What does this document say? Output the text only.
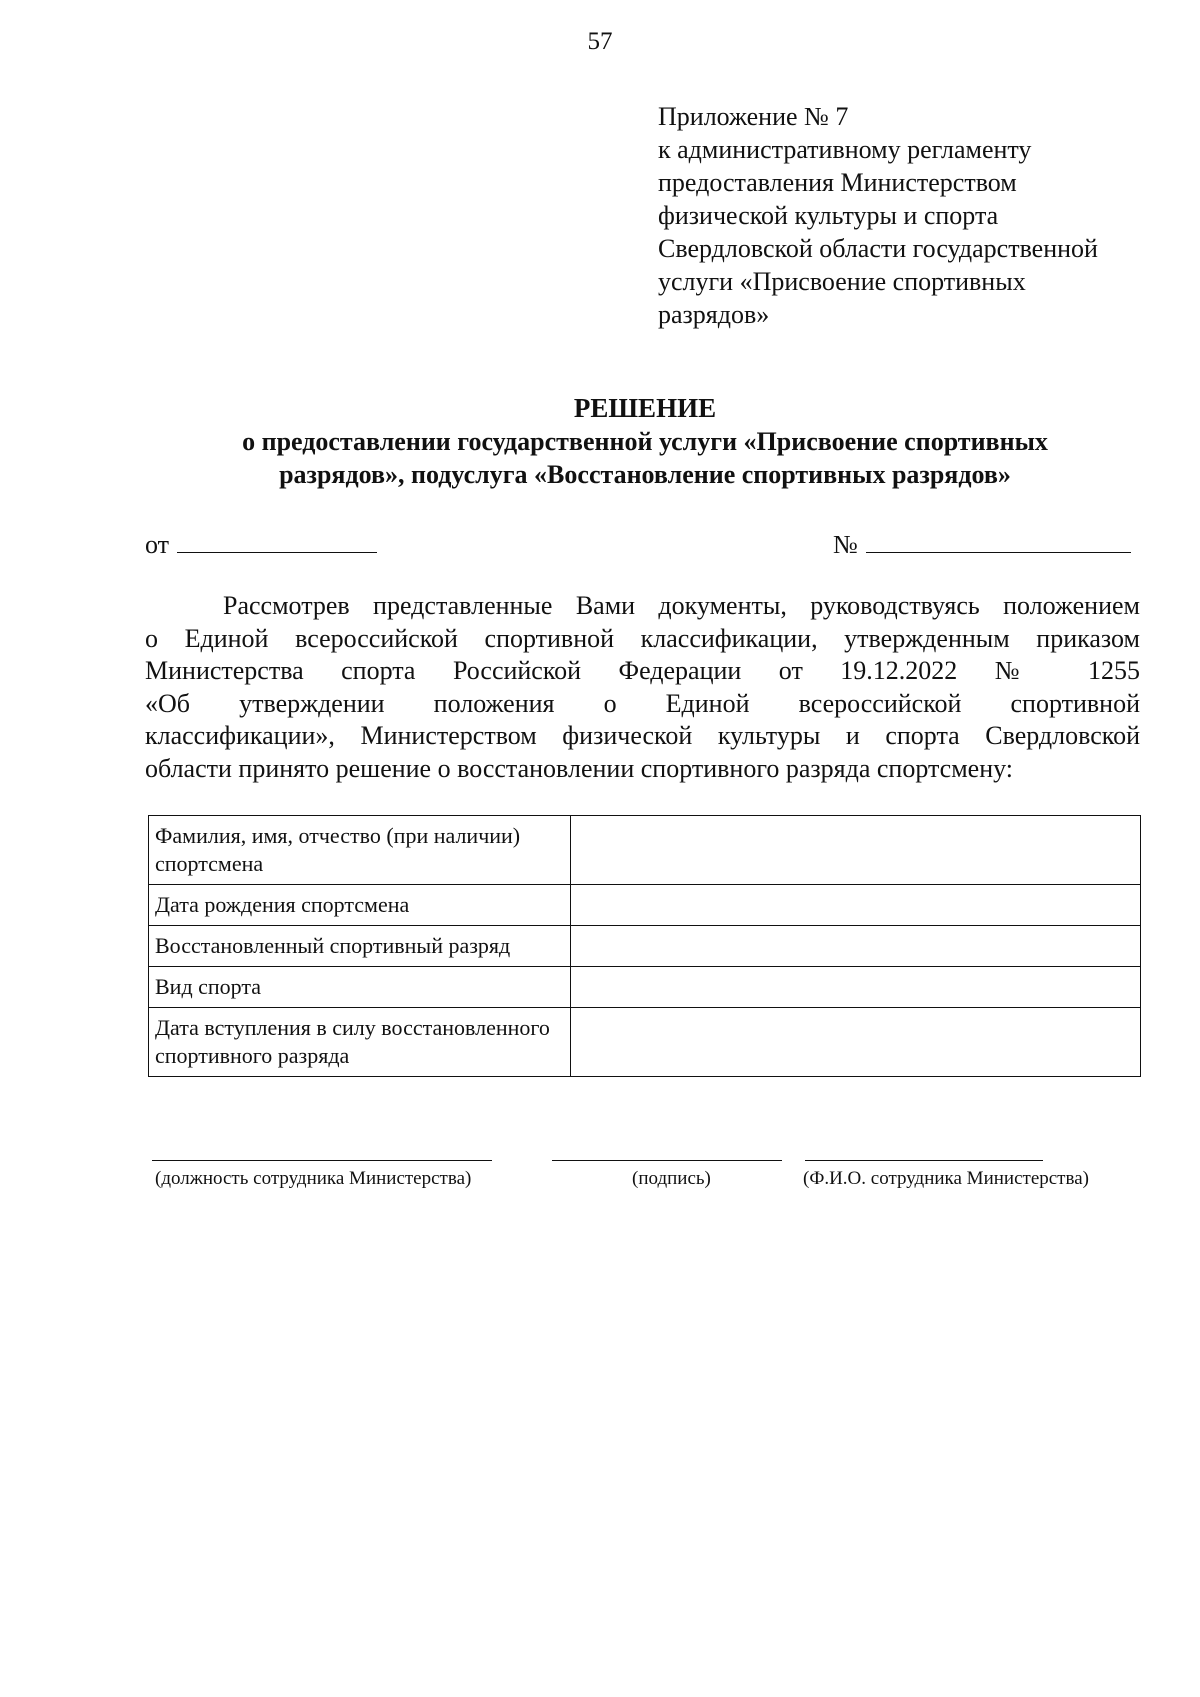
57
Приложение № 7
к административному регламенту
предоставления Министерством
физической культуры и спорта
Свердловской области государственной
услуги «Присвоение спортивных
разрядов»
РЕШЕНИЕ
о предоставлении государственной услуги «Присвоение спортивных
разрядов», подуслуга «Восстановление спортивных разрядов»
от	№
Рассмотрев представленные Вами документы, руководствуясь положением
о Единой всероссийской спортивной классификации, утвержденным приказом
Министерства спорта Российской Федерации от 19.12.2022 № 1255
«Об утверждении положения о Единой всероссийской спортивной
классификации», Министерством физической культуры и спорта Свердловской
области принято решение о восстановлении спортивного разряда спортсмену:
Фамилия, имя, отчество (при наличии) спортсмена	
Дата рождения спортсмена	
Восстановленный спортивный разряд	
Вид спорта	
Дата вступления в силу восстановленного спортивного разряда	
(должность сотрудника Министерства)	(подпись)	(Ф.И.О. сотрудника Министерства)
